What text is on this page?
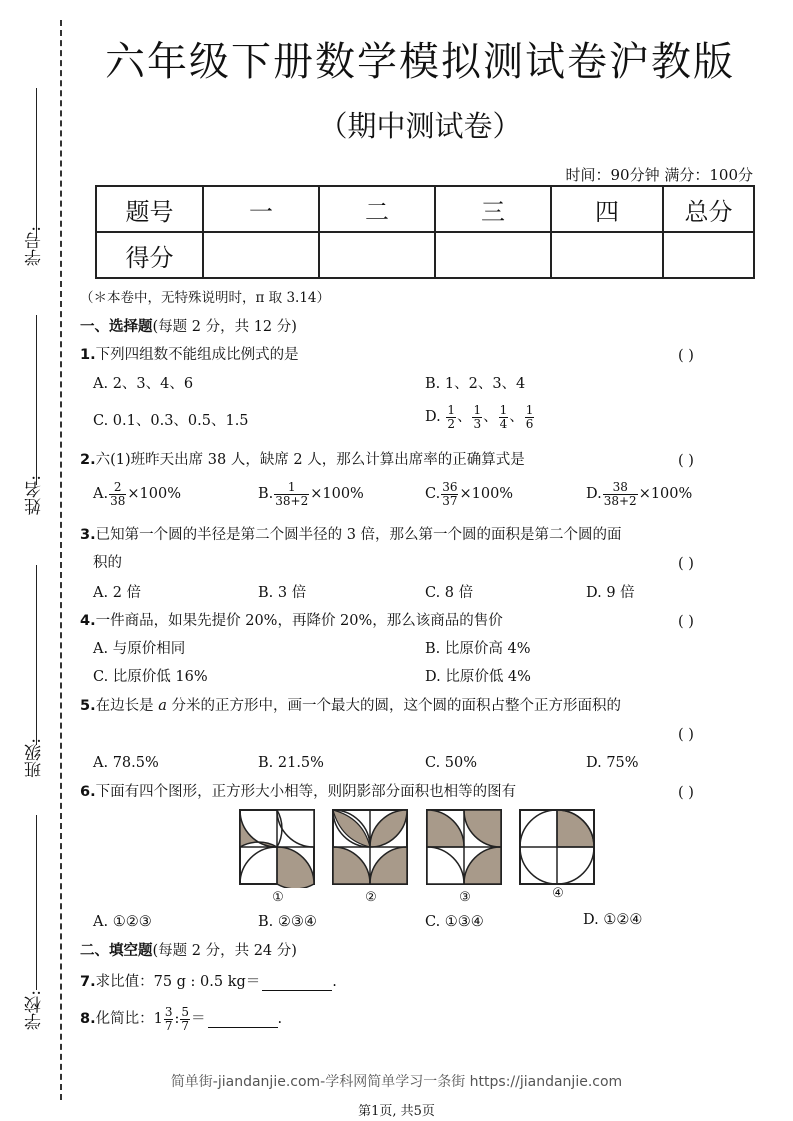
学号:
姓名:
班级:
学校:
六年级下册数学模拟测试卷沪教版
（期中测试卷）
时间：90分钟 满分：100分
题号	一	二	三	四	总分
得分					
（＊本卷中，无特殊说明时，π 取 3.14）
一、选择题(每题 2 分，共 12 分)
1.下列四组数不能组成比例式的是	( )
A. 2、3、4、6	B. 1、2、3、4
C. 0.1、0.3、0.5、1.5	D. $\frac{1}{2}$ 、 $\frac{1}{3}$ 、 $\frac{1}{4}$ 、 $\frac{1}{6}$
2.六(1)班昨天出席 38 人，缺席 2 人，那么计算出席率的正确算式是	( )
A. $\frac{2}{38} \times 100\%$	B. $\frac{1}{38+2} \times 100\%$	C. $\frac{36}{37} \times 100\%$	D. $\frac{38}{38+2} \times 100\%$
3.已知第一个圆的半径是第二个圆半径的 3 倍，那么第一个圆的面积是第二个圆的面
积的	( )
A. 2 倍	B. 3 倍	C. 8 倍	D. 9 倍
4.一件商品，如果先提价 20%，再降价 20%，那么该商品的售价	( )
A. 与原价相同	B. 比原价高 4%
C. 比原价低 16%	D. 比原价低 4%
5.在边长是 a 分米的正方形中，画一个最大的圆，这个圆的面积占整个正方形面积的
( )
A. 78.5%	B. 21.5%	C. 50%	D. 75%
6.下面有四个图形，正方形大小相等，则阴影部分面积也相等的图有	( )
①	②	③	④
A. ①②③	B. ②③④	C. ①③④	D. ①②④
二、填空题(每题 2 分，共 24 分)
7.求比值：75 g : 0.5 kg＝	.
8.化简比：$1 \frac{3}{7}$ : $\frac{5}{7}$ ＝	.
简单街-jiandanjie.com-学科网简单学习一条街 https://jiandanjie.com
第1页, 共5页
